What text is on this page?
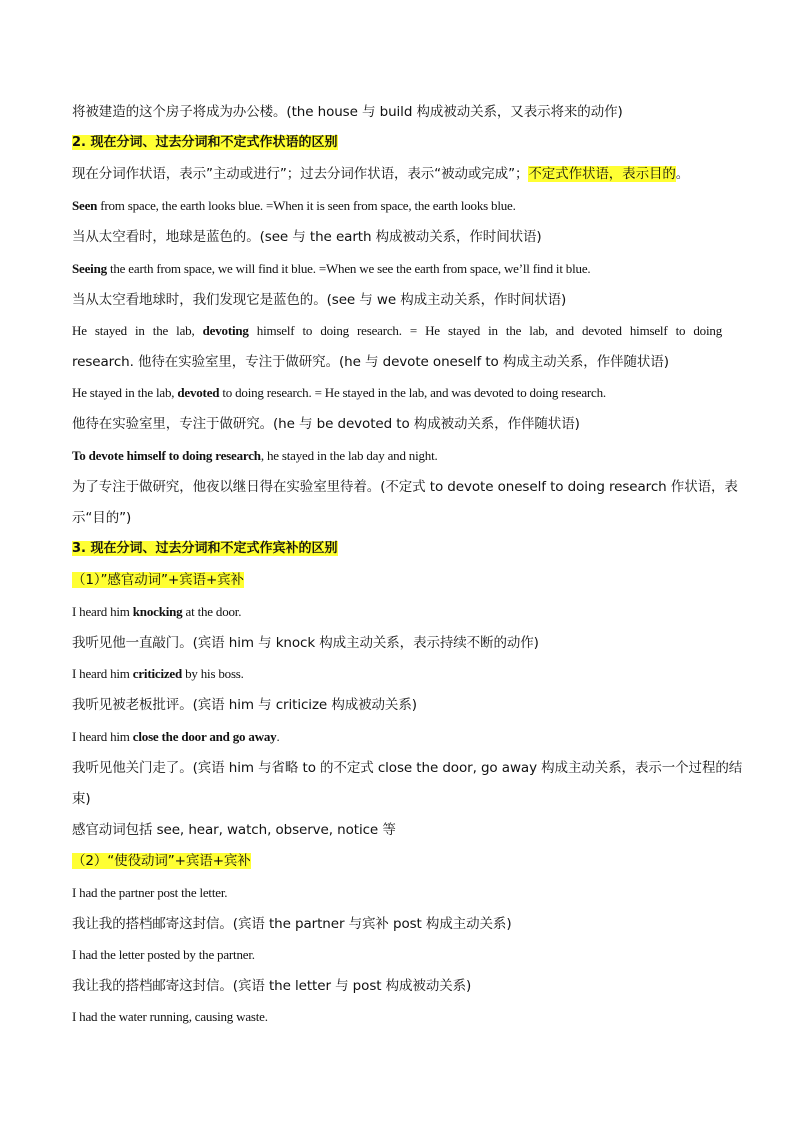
将被建造的这个房子将成为办公楼。(the house 与 build 构成被动关系，又表示将来的动作)
2. 现在分词、过去分词和不定式作状语的区别
现在分词作状语，表示”主动或进行”；过去分词作状语，表示“被动或完成”；不定式作状语，表示目的。
Seen from space, the earth looks blue. =When it is seen from space, the earth looks blue.
当从太空看时，地球是蓝色的。(see 与 the earth 构成被动关系，作时间状语)
Seeing the earth from space, we will find it blue. =When we see the earth from space, we’ll find it blue.
当从太空看地球时，我们发现它是蓝色的。(see 与 we 构成主动关系，作时间状语)
He stayed in the lab, devoting himself to doing research. = He stayed in the lab, and devoted himself to doing
research. 他待在实验室里，专注于做研究。(he 与 devote oneself to 构成主动关系，作伴随状语)
He stayed in the lab, devoted to doing research. = He stayed in the lab, and was devoted to doing research.
他待在实验室里，专注于做研究。(he 与 be devoted to 构成被动关系，作伴随状语)
To devote himself to doing research, he stayed in the lab day and night.
为了专注于做研究，他夜以继日得在实验室里待着。(不定式 to devote oneself to doing research 作状语，表
示“目的”)
3. 现在分词、过去分词和不定式作宾补的区别
（1）”感官动词”+宾语+宾补
I heard him knocking at the door.
我听见他一直敲门。(宾语 him 与 knock 构成主动关系，表示持续不断的动作)
I heard him criticized by his boss.
我听见被老板批评。(宾语 him 与 criticize 构成被动关系)
I heard him close the door and go away.
我听见他关门走了。(宾语 him 与省略 to 的不定式 close the door, go away 构成主动关系，表示一个过程的结
束)
感官动词包括 see, hear, watch, observe, notice 等
（2）“使役动词”+宾语+宾补
I had the partner post the letter.
我让我的搭档邮寄这封信。(宾语 the partner 与宾补 post 构成主动关系)
I had the letter posted by the partner.
我让我的搭档邮寄这封信。(宾语 the letter 与 post 构成被动关系)
I had the water running, causing waste.
